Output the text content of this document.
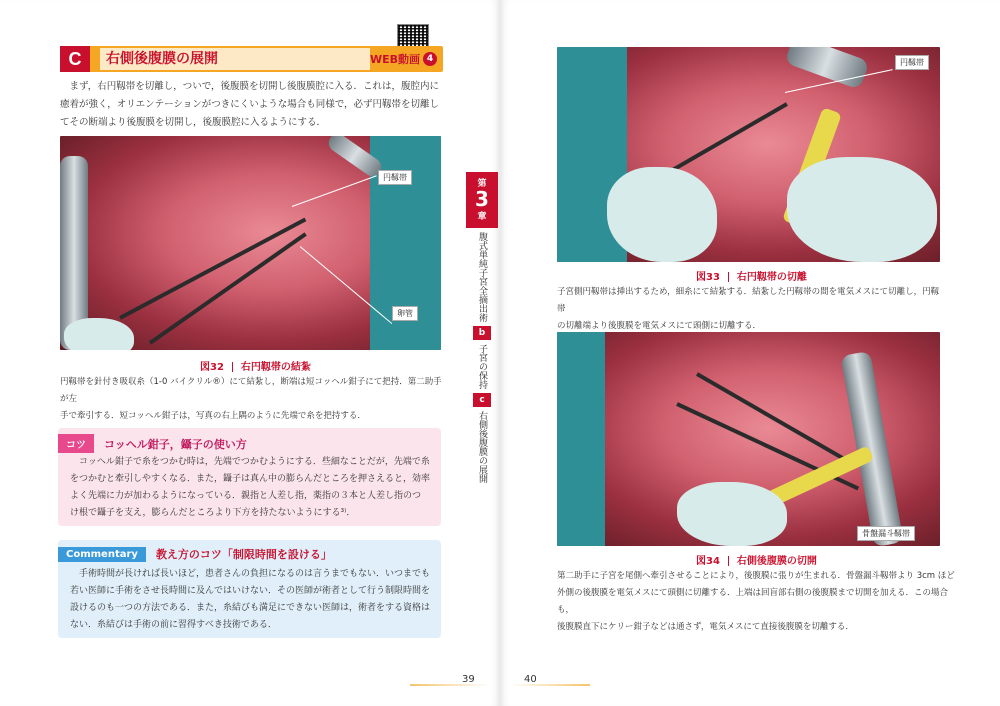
C	右側後腹膜の展開	WEB動画 4
　まず，右円靱帯を切離し，ついで，後腹膜を切開し後腹膜腔に入る．これは，腹腔内に
癒着が強く，オリエンテーションがつきにくいような場合も同様で，必ず円靱帯を切離し
てその断端より後腹膜を切開し，後腹膜腔に入るようにする．
円靱帯
卵管
図32 右円靱帯の結紮
円靱帯を針付き吸収糸（1-0 バイクリル®）にて結紮し，断端は短コッヘル鉗子にて把持．第二助手が左
手で牽引する．短コッヘル鉗子は，写真の右上隅のように先端で糸を把持する．
コツ	コッヘル鉗子，鑷子の使い方
　コッヘル鉗子で糸をつかむ時は，先端でつかむようにする．些細なことだが，先端で糸
をつかむと牽引しやすくなる．また，鑷子は真ん中の膨らんだところを押さえると，効率
よく先端に力が加わるようになっている．親指と人差し指，薬指の３本と人差し指のつ
け根で鑷子を支え，膨らんだところより下方を持たないようにする³⁾．
Commentary	教え方のコツ「制限時間を設ける」
　手術時間が長ければ長いほど，患者さんの負担になるのは言うまでもない．いつまでも
若い医師に手術をさせ長時間に及んではいけない．その医師が術者として行う制限時間を
設けるのも一つの方法である．また，糸結びも満足にできない医師は，術者をする資格は
ない．糸結びは手術の前に習得すべき技術である．
39
第
3
章
腹式単純子宮全摘出術
b
子宮の保持
c
右側後腹膜の展開
円靱帯
図33 右円靱帯の切離
子宮側円靱帯は挿出するため，細糸にて結紮する．結紮した円靱帯の間を電気メスにて切離し，円靱帯
の切離端より後腹膜を電気メスにて頭側に切離する．
骨盤漏斗靱帯
図34 右側後腹膜の切開
第二助手に子宮を尾側へ牽引させることにより，後腹膜に張りが生まれる．骨盤漏斗靱帯より 3cm ほど
外側の後腹膜を電気メスにて頭側に切離する．上端は回盲部右側の後腹膜まで切開を加える．この場合も，
後腹膜直下にケリー鉗子などは通さず，電気メスにて直接後腹膜を切離する．
40
